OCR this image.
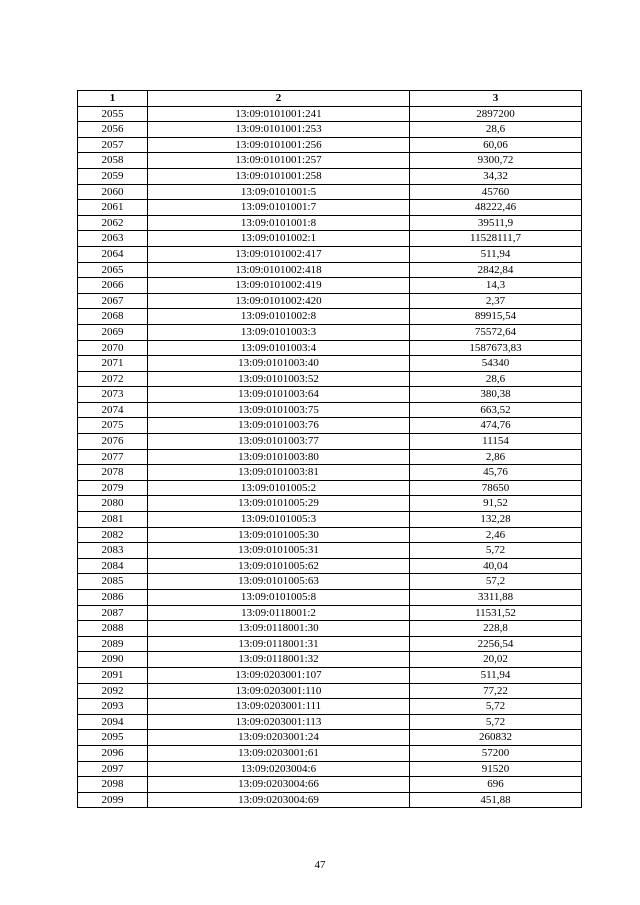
1	2	3
2055	13:09:0101001:241	2897200
2056	13:09:0101001:253	28,6
2057	13:09:0101001:256	60,06
2058	13:09:0101001:257	9300,72
2059	13:09:0101001:258	34,32
2060	13:09:0101001:5	45760
2061	13:09:0101001:7	48222,46
2062	13:09:0101001:8	39511,9
2063	13:09:0101002:1	11528111,7
2064	13:09:0101002:417	511,94
2065	13:09:0101002:418	2842,84
2066	13:09:0101002:419	14,3
2067	13:09:0101002:420	2,37
2068	13:09:0101002:8	89915,54
2069	13:09:0101003:3	75572,64
2070	13:09:0101003:4	1587673,83
2071	13:09:0101003:40	54340
2072	13:09:0101003:52	28,6
2073	13:09:0101003:64	380,38
2074	13:09:0101003:75	663,52
2075	13:09:0101003:76	474,76
2076	13:09:0101003:77	11154
2077	13:09:0101003:80	2,86
2078	13:09:0101003:81	45,76
2079	13:09:0101005:2	78650
2080	13:09:0101005:29	91,52
2081	13:09:0101005:3	132,28
2082	13:09:0101005:30	2,46
2083	13:09:0101005:31	5,72
2084	13:09:0101005:62	40,04
2085	13:09:0101005:63	57,2
2086	13:09:0101005:8	3311,88
2087	13:09:0118001:2	11531,52
2088	13:09:0118001:30	228,8
2089	13:09:0118001:31	2256,54
2090	13:09:0118001:32	20,02
2091	13:09:0203001:107	511,94
2092	13:09:0203001:110	77,22
2093	13:09:0203001:111	5,72
2094	13:09:0203001:113	5,72
2095	13:09:0203001:24	260832
2096	13:09:0203001:61	57200
2097	13:09:0203004:6	91520
2098	13:09:0203004:66	696
2099	13:09:0203004:69	451,88
47
